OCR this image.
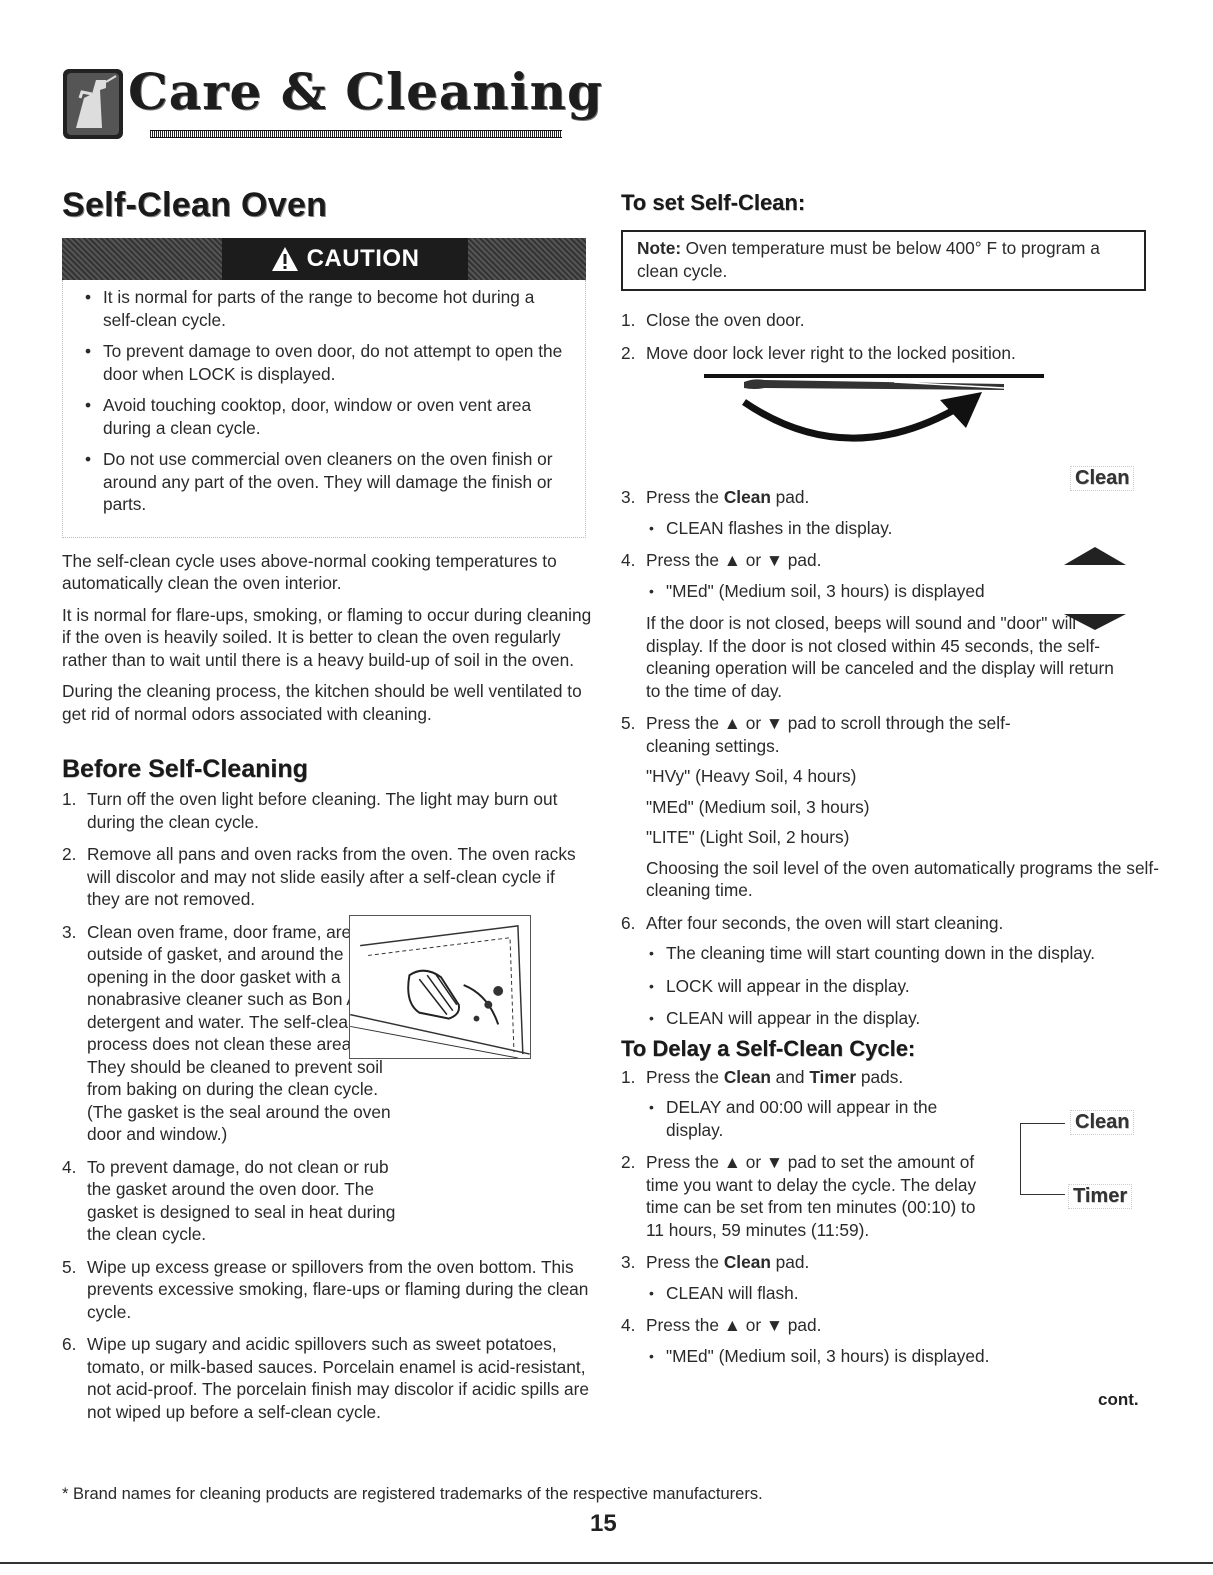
Care & Cleaning
Self-Clean Oven
CAUTION
• It is normal for parts of the range to become hot during a self-clean cycle.
• To prevent damage to oven door, do not attempt to open the door when LOCK is displayed.
• Avoid touching cooktop, door, window or oven vent area during a clean cycle.
• Do not use commercial oven cleaners on the oven finish or around any part of the oven. They will damage the finish or parts.

The self-clean cycle uses above-normal cooking temperatures to automatically clean the oven interior.

It is normal for flare-ups, smoking, or flaming to occur during cleaning if the oven is heavily soiled. It is better to clean the oven regularly rather than to wait until there is a heavy build-up of soil in the oven.

During the cleaning process, the kitchen should be well ventilated to get rid of normal odors associated with cleaning.

Before Self-Cleaning
1. Turn off the oven light before cleaning. The light may burn out during the clean cycle.
2. Remove all pans and oven racks from the oven. The oven racks will discolor and may not slide easily after a self-clean cycle if they are not removed.
3. Clean oven frame, door frame, area outside of gasket, and around the opening in the door gasket with a nonabrasive cleaner such as Bon Ami* or detergent and water. The self-cleaning process does not clean these areas. They should be cleaned to prevent soil from baking on during the clean cycle. (The gasket is the seal around the oven door and window.)
4. To prevent damage, do not clean or rub the gasket around the oven door. The gasket is designed to seal in heat during the clean cycle.
5. Wipe up excess grease or spillovers from the oven bottom. This prevents excessive smoking, flare-ups or flaming during the clean cycle.
6. Wipe up sugary and acidic spillovers such as sweet potatoes, tomato, or milk-based sauces. Porcelain enamel is acid-resistant, not acid-proof. The porcelain finish may discolor if acidic spills are not wiped up before a self-clean cycle.
To set Self-Clean:
Note: Oven temperature must be below 400° F to program a clean cycle.
1. Close the oven door.
2. Move door lock lever right to the locked position.
3. Press the Clean pad.
• CLEAN flashes in the display.
4. Press the ▲ or ▼ pad.
• "MEd" (Medium soil, 3 hours) is displayed

If the door is not closed, beeps will sound and "door" will display. If the door is not closed within 45 seconds, the self-cleaning operation will be canceled and the display will return to the time of day.

5. Press the ▲ or ▼ pad to scroll through the self-cleaning settings.

"HVy" (Heavy Soil, 4 hours)

"MEd" (Medium soil, 3 hours)

"LITE" (Light Soil, 2 hours)

Choosing the soil level of the oven automatically programs the self-cleaning time.

6. After four seconds, the oven will start cleaning.
• The cleaning time will start counting down in the display.
• LOCK will appear in the display.
• CLEAN will appear in the display.
To Delay a Self-Clean Cycle:
1. Press the Clean and Timer pads.
• DELAY and 00:00 will appear in the display.
2. Press the ▲ or ▼ pad to set the amount of time you want to delay the cycle. The delay time can be set from ten minutes (00:10) to 11 hours, 59 minutes (11:59).
3. Press the Clean pad.
• CLEAN will flash.
4. Press the ▲ or ▼ pad.
• "MEd" (Medium soil, 3 hours) is displayed.
Clean
Clean
Timer
cont.
* Brand names for cleaning products are registered trademarks of the respective manufacturers.
15
